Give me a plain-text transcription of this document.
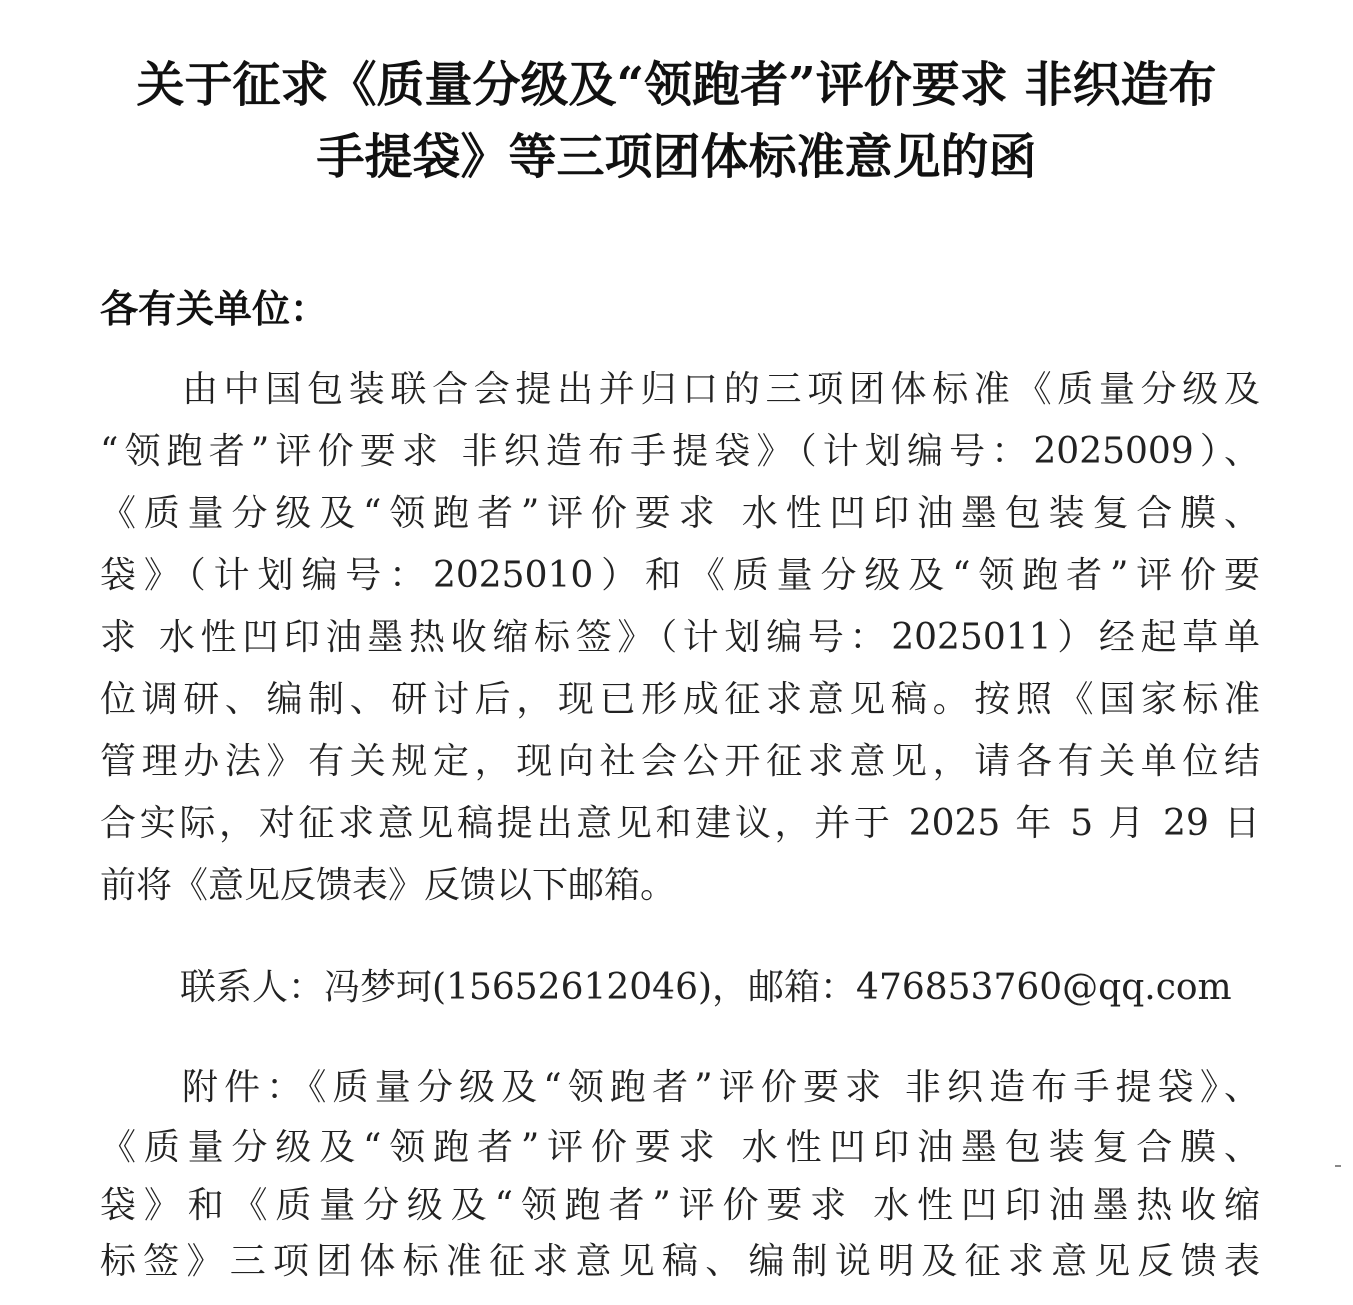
关于征求《质量分级及“领跑者”评价要求 非织造布
手提袋》等三项团体标准意见的函
各有关单位：
由中国包装联合会提出并归口的三项团体标准《质量分级及
“领跑者”评价要求 非织造布手提袋》（计划编号：2025009）、
《质量分级及“领跑者”评价要求 水性凹印油墨包装复合膜、
袋》（计划编号：2025010）和《质量分级及“领跑者”评价要
求 水性凹印油墨热收缩标签》（计划编号：2025011）经起草单
位调研、编制、研讨后，现已形成征求意见稿。按照《国家标准
管理办法》有关规定，现向社会公开征求意见，请各有关单位结
合实际，对征求意见稿提出意见和建议，并于 2025 年 5 月 29 日
前将《意见反馈表》反馈以下邮箱。
联系人：冯梦珂(15652612046)，邮箱：476853760@qq.com
附件：《质量分级及“领跑者”评价要求 非织造布手提袋》、
《质量分级及“领跑者”评价要求 水性凹印油墨包装复合膜、
袋》和《质量分级及“领跑者”评价要求 水性凹印油墨热收缩
标签》三项团体标准征求意见稿、编制说明及征求意见反馈表
